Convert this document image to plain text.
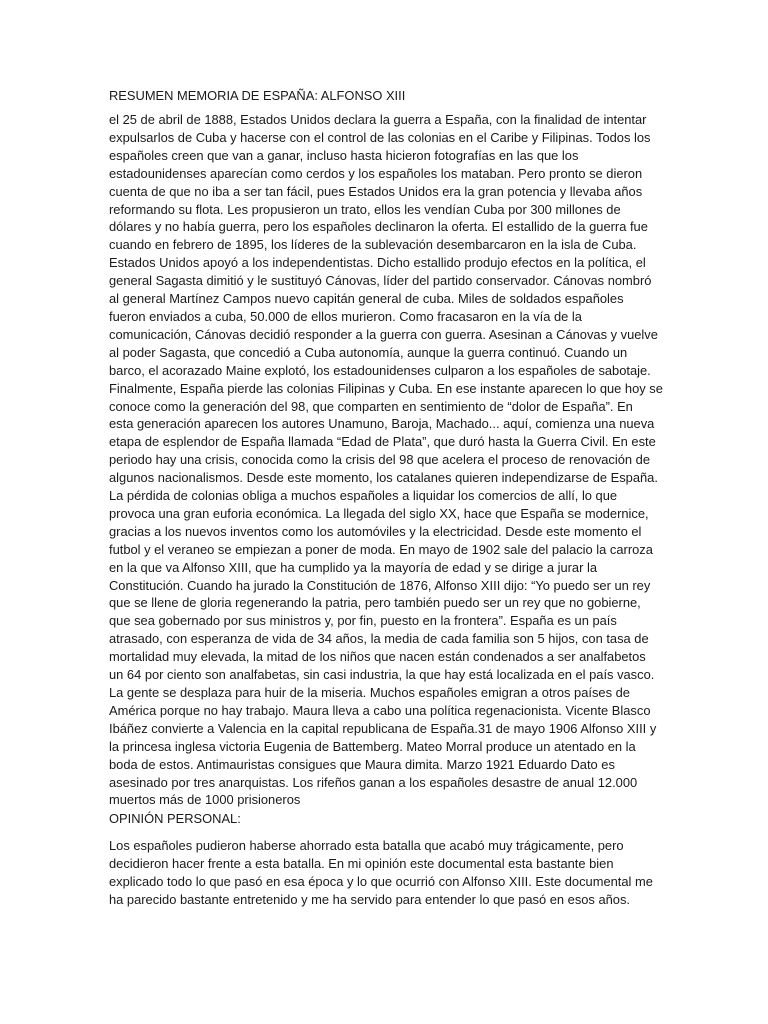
RESUMEN MEMORIA DE ESPAÑA: ALFONSO XIII
el 25 de abril de 1888, Estados Unidos declara la guerra a España, con la finalidad de intentar
expulsarlos de Cuba y hacerse con el control de las colonias en el Caribe y Filipinas. Todos los
españoles creen que van a ganar, incluso hasta hicieron fotografías en las que los
estadounidenses aparecían como cerdos y los españoles los mataban. Pero pronto se dieron
cuenta de que no iba a ser tan fácil, pues Estados Unidos era la gran potencia y llevaba años
reformando su flota. Les propusieron un trato, ellos les vendían Cuba por 300 millones de
dólares y no había guerra, pero los españoles declinaron la oferta. El estallido de la guerra fue
cuando en febrero de 1895, los líderes de la sublevación desembarcaron en la isla de Cuba.
Estados Unidos apoyó a los independentistas. Dicho estallido produjo efectos en la política, el
general Sagasta dimitió y le sustituyó Cánovas, líder del partido conservador. Cánovas nombró
al general Martínez Campos nuevo capitán general de cuba. Miles de soldados españoles
fueron enviados a cuba, 50.000 de ellos murieron. Como fracasaron en la vía de la
comunicación, Cánovas decidió responder a la guerra con guerra. Asesinan a Cánovas y vuelve
al poder Sagasta, que concedió a Cuba autonomía, aunque la guerra continuó. Cuando un
barco, el acorazado Maine explotó, los estadounidenses culparon a los españoles de sabotaje.
Finalmente, España pierde las colonias Filipinas y Cuba. En ese instante aparecen lo que hoy se
conoce como la generación del 98, que comparten en sentimiento de “dolor de España”. En
esta generación aparecen los autores Unamuno, Baroja, Machado... aquí, comienza una nueva
etapa de esplendor de España llamada “Edad de Plata”, que duró hasta la Guerra Civil. En este
periodo hay una crisis, conocida como la crisis del 98 que acelera el proceso de renovación de
algunos nacionalismos. Desde este momento, los catalanes quieren independizarse de España.
La pérdida de colonias obliga a muchos españoles a liquidar los comercios de allí, lo que
provoca una gran euforia económica. La llegada del siglo XX, hace que España se modernice,
gracias a los nuevos inventos como los automóviles y la electricidad. Desde este momento el
futbol y el veraneo se empiezan a poner de moda. En mayo de 1902 sale del palacio la carroza
en la que va Alfonso XIII, que ha cumplido ya la mayoría de edad y se dirige a jurar la
Constitución. Cuando ha jurado la Constitución de 1876, Alfonso XIII dijo: “Yo puedo ser un rey
que se llene de gloria regenerando la patria, pero también puedo ser un rey que no gobierne,
que sea gobernado por sus ministros y, por fin, puesto en la frontera”. España es un país
atrasado, con esperanza de vida de 34 años, la media de cada familia son 5 hijos, con tasa de
mortalidad muy elevada, la mitad de los niños que nacen están condenados a ser analfabetos
un 64 por ciento son analfabetas, sin casi industria, la que hay está localizada en el país vasco.
La gente se desplaza para huir de la miseria. Muchos españoles emigran a otros países de
América porque no hay trabajo. Maura lleva a cabo una política regenacionista. Vicente Blasco
Ibáñez convierte a Valencia en la capital republicana de España.31 de mayo 1906 Alfonso XIII y
la princesa inglesa victoria Eugenia de Battemberg. Mateo Morral produce un atentado en la
boda de estos. Antimauristas consigues que Maura dimita. Marzo 1921 Eduardo Dato es
asesinado por tres anarquistas. Los rifeños ganan a los españoles desastre de anual 12.000
muertos más de 1000 prisioneros
OPINIÓN PERSONAL:
Los españoles pudieron haberse ahorrado esta batalla que acabó muy trágicamente, pero
decidieron hacer frente a esta batalla. En mi opinión este documental esta bastante bien
explicado todo lo que pasó en esa época y lo que ocurrió con Alfonso XIII. Este documental me
ha parecido bastante entretenido y me ha servido para entender lo que pasó en esos años.
